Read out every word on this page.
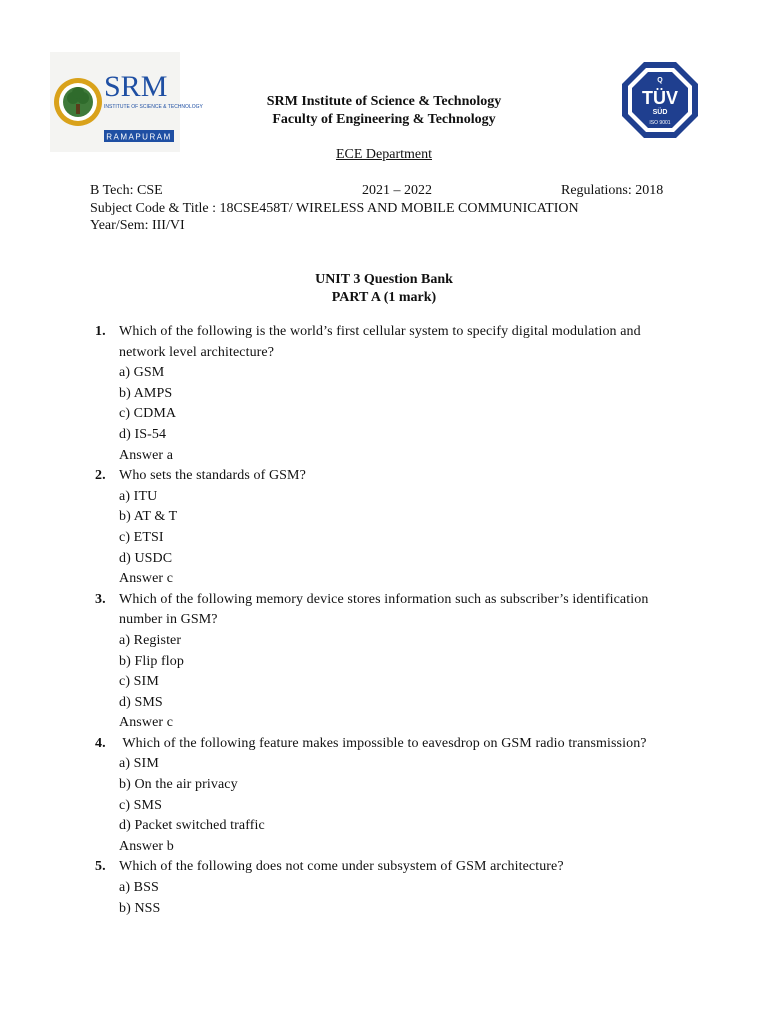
SRM
INSTITUTE OF SCIENCE & TECHNOLOGY
RAMAPURAM
Q
TÜV
SÜD
ISO 9001
SRM Institute of Science & Technology
Faculty of Engineering & Technology
ECE Department
B Tech: CSE	2021 – 2022	Regulations: 2018
Subject Code & Title : 18CSE458T/ WIRELESS AND MOBILE COMMUNICATION
Year/Sem: III/VI
UNIT 3 Question Bank
PART A (1 mark)
1. Which of the following is the world’s first cellular system to specify digital modulation and network level architecture?
a) GSM
b) AMPS
c) CDMA
d) IS-54
Answer a
2. Who sets the standards of GSM?
a) ITU
b) AT & T
c) ETSI
d) USDC
Answer c
3. Which of the following memory device stores information such as subscriber’s identification number in GSM?
a) Register
b) Flip flop
c) SIM
d) SMS
Answer c
4. Which of the following feature makes impossible to eavesdrop on GSM radio transmission?
a) SIM
b) On the air privacy
c) SMS
d) Packet switched traffic
Answer b
5. Which of the following does not come under subsystem of GSM architecture?
a) BSS
b) NSS
